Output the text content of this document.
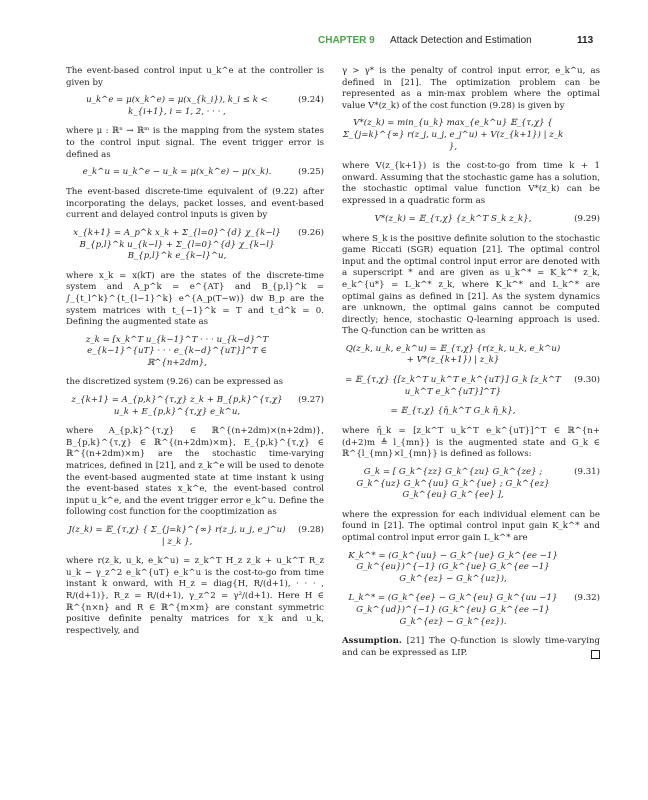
CHAPTER 9 Attack Detection and Estimation	113

The event-based control input u_k^e at the controller is given by

u_k^e = μ(x_k^e) = μ(x_{k_i}), k_i ≤ k < k_{i+1}, i = 1, 2, · · · ,
(9.24)

where μ : ℝⁿ → ℝᵐ is the mapping from the system states to the control input signal. The event trigger error is defined as

e_k^u = u_k^e − u_k = μ(x_k^e) − μ(x_k).	(9.25)

The event-based discrete-time equivalent of (9.22) after incorporating the delays, packet losses, and event-based current and delayed control inputs is given by

x_{k+1} = A_p^k x_k + Σ_{l=0}^{d} χ_{k−l} B_{p,l}^k u_{k−l} + Σ_{l=0}^{d} χ_{k−l} B_{p,l}^k e_{k−l}^u,
(9.26)

where x_k = x(kT) are the states of the discrete-time system and A_p^k = e^{AT} and B_{p,l}^k = ∫_{t_l^k}^{t_{l−1}^k} e^{A_p(T−w)} dw B_p are the system matrices with t_{−1}^k = T and t_d^k = 0. Defining the augmented state as

z_k = [x_k^T u_{k−1}^T · · · u_{k−d}^T e_{k−1}^{uT} · · · e_{k−d}^{uT}]^T ∈ ℝ^{n+2dm},

the discretized system (9.26) can be expressed as

z_{k+1} = A_{p,k}^{τ,χ} z_k + B_{p,k}^{τ,χ} u_k + E_{p,k}^{τ,χ} e_k^u,
(9.27)

where A_{p,k}^{τ,χ} ∈ ℝ^{(n+2dm)×(n+2dm)}, B_{p,k}^{τ,χ} ∈ ℝ^{(n+2dm)×m}, E_{p,k}^{τ,χ} ∈ ℝ^{(n+2dm)×m} are the stochastic time-varying matrices, defined in [21], and z_k^e will be used to denote the event-based augmented state at time instant k using the event-based states x_k^e, the event-based control input u_k^e, and the event trigger error e_k^u. Define the following cost function for the cooptimization as

J(z_k) = 𝔼_{τ,χ} { Σ_{j=k}^{∞} r(z_j, u_j, e_j^u) | z_k },
(9.28)

where r(z_k, u_k, e_k^u) = z_k^T H_z z_k + u_k^T R_z u_k − γ_z^2 e_k^{uT} e_k^u is the cost-to-go from time instant k onward, with H_z = diag{H, R/(d+1), · · · , R/(d+1)}, R_z = R/(d+1), γ_z^2 = γ²/(d+1). Here H ∈ ℝ^{n×n} and R ∈ ℝ^{m×m} are constant symmetric positive definite penalty matrices for x_k and u_k, respectively, and

γ > γ* is the penalty of control input error, e_k^u, as defined in [21]. The optimization problem can be represented as a min-max problem where the optimal value V*(z_k) of the cost function (9.28) is given by

V*(z_k) = min_{u_k} max_{e_k^u} 𝔼_{τ,χ} { Σ_{j=k}^{∞} r(z_j, u_j, e_j^u) + V(z_{k+1}) | z_k },

where V(z_{k+1}) is the cost-to-go from time k + 1 onward. Assuming that the stochastic game has a solution, the stochastic optimal value function V*(z_k) can be expressed in a quadratic form as

V*(z_k) = 𝔼_{τ,χ} {z_k^T S_k z_k},	(9.29)

where S_k is the positive definite solution to the stochastic game Riccati (SGR) equation [21]. The optimal control input and the optimal control input error are denoted with a superscript * and are given as u_k^* = K_k^* z_k, e_k^{u*} = L_k^* z_k, where K_k^* and L_k^* are optimal gains as defined in [21]. As the system dynamics are unknown, the optimal gains cannot be computed directly; hence, stochastic Q-learning approach is used. The Q-function can be written as

Q(z_k, u_k, e_k^u) = 𝔼_{τ,χ} {r(z_k, u_k, e_k^u) + V*(z_{k+1}) | z_k}
= 𝔼_{τ,χ} {[z_k^T u_k^T e_k^{uT}] G_k [z_k^T u_k^T e_k^{uT}]^T}
(9.30)
= 𝔼_{τ,χ} {η̄_k^T G_k η̄_k},

where η̄_k = [z_k^T u_k^T e_k^{uT}]^T ∈ ℝ^{n+(d+2)m ≜ l_{mn}} is the augmented state and G_k ∈ ℝ^{l_{mn}×l_{mn}} is defined as follows:

G_k = [ G_k^{zz} G_k^{zu} G_k^{ze} ; G_k^{uz} G_k^{uu} G_k^{ue} ; G_k^{ez} G_k^{eu} G_k^{ee} ],
(9.31)

where the expression for each individual element can be found in [21]. The optimal control input gain K_k^* and optimal control input error gain L_k^* are

K_k^* = (G_k^{uu} − G_k^{ue} G_k^{ee −1} G_k^{eu})^{−1} (G_k^{ue} G_k^{ee −1} G_k^{ez} − G_k^{uz}),
L_k^* = (G_k^{ee} − G_k^{eu} G_k^{uu −1} G_k^{ud})^{−1} (G_k^{eu} G_k^{ee −1} G_k^{ez} − G_k^{ez}).
(9.32)

Assumption. [21] The Q-function is slowly time-varying and can be expressed as LIP.
